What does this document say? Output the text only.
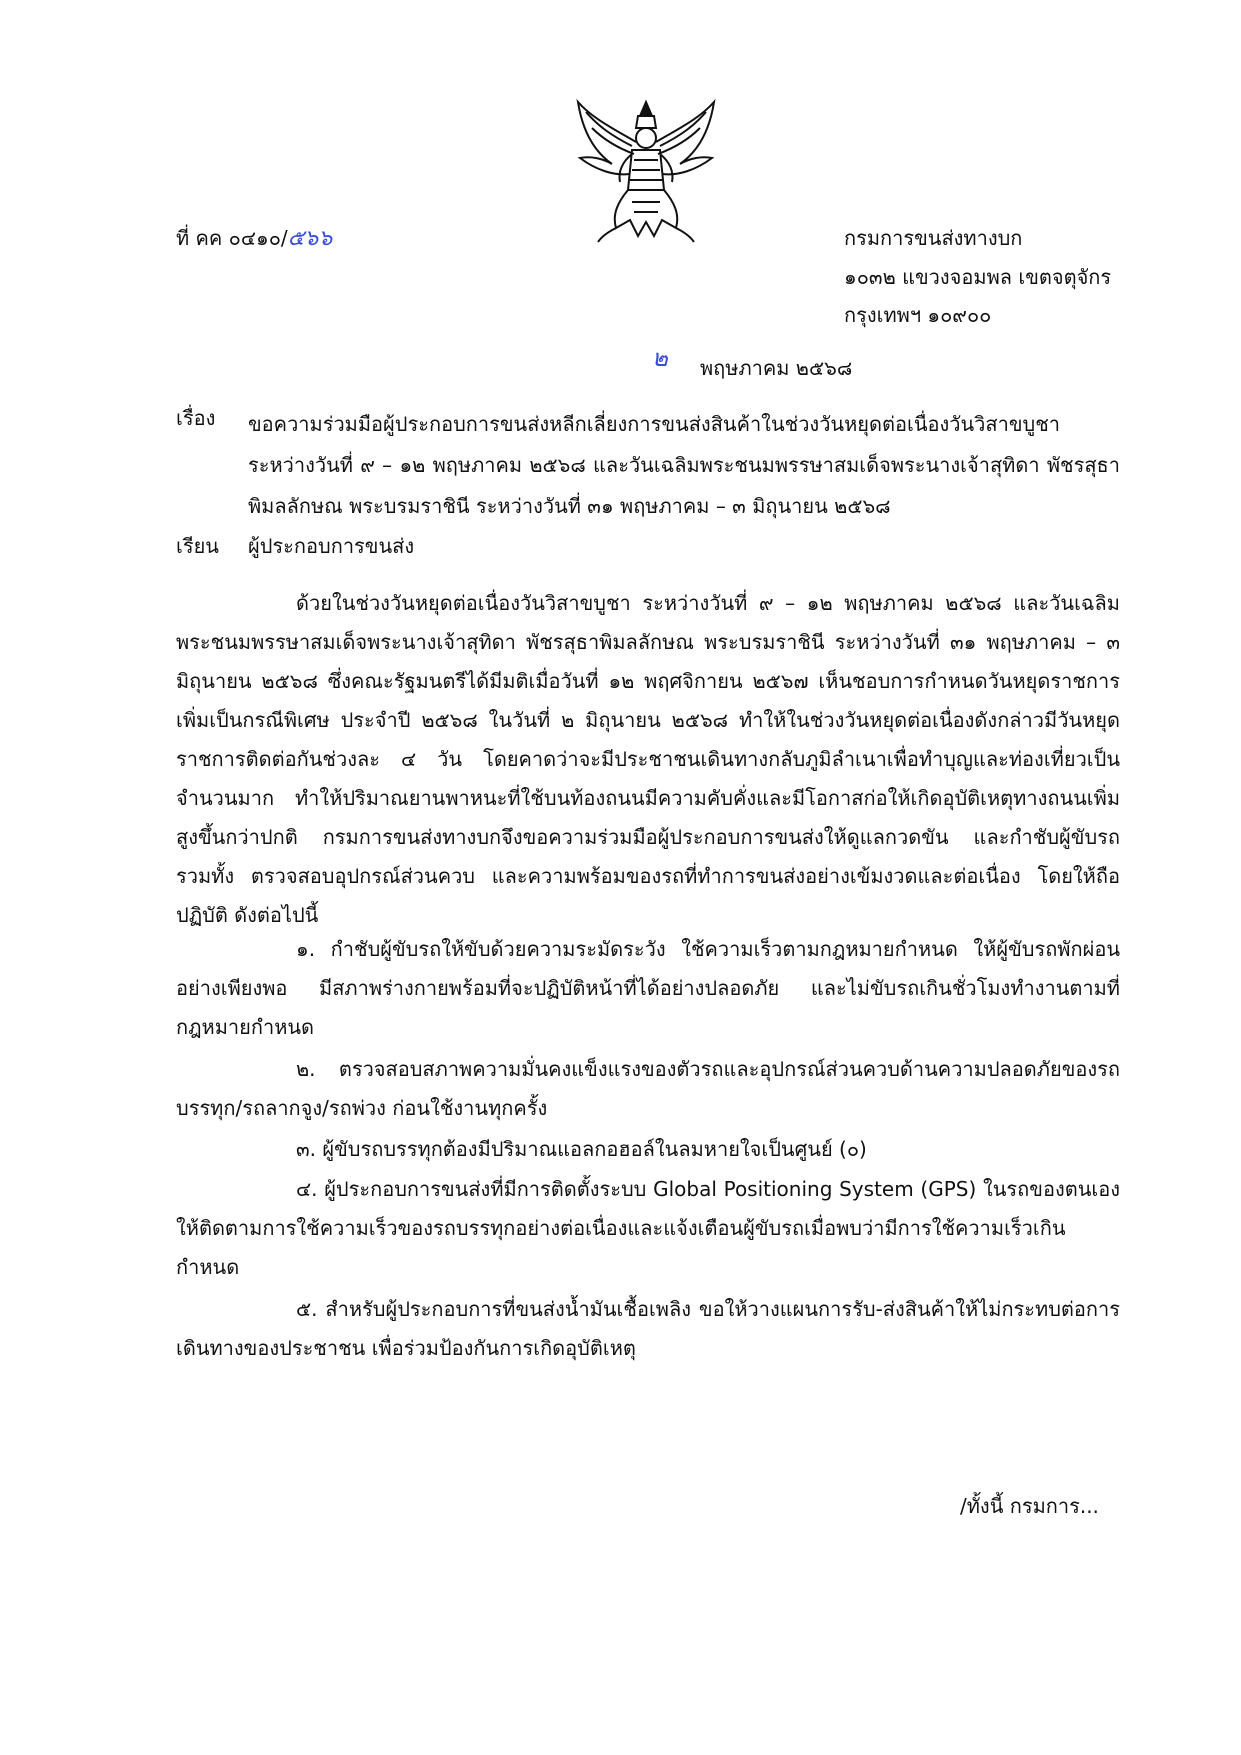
ที่ คค ๐๔๑๐/๕๖๖	กรมการขนส่งทางบก
๑๐๓๒ แขวงจอมพล เขตจตุจักร
กรุงเทพฯ ๑๐๙๐๐
๒ พฤษภาคม ๒๕๖๘
เรื่อง ขอความร่วมมือผู้ประกอบการขนส่งหลีกเลี่ยงการขนส่งสินค้าในช่วงวันหยุดต่อเนื่องวันวิสาขบูชา ระหว่างวันที่ ๙ – ๑๒ พฤษภาคม ๒๕๖๘ และวันเฉลิมพระชนมพรรษาสมเด็จพระนางเจ้าสุทิดา พัชรสุธาพิมลลักษณ พระบรมราชินี ระหว่างวันที่ ๓๑ พฤษภาคม – ๓ มิถุนายน ๒๕๖๘
เรียน ผู้ประกอบการขนส่ง
ด้วยในช่วงวันหยุดต่อเนื่องวันวิสาขบูชา ระหว่างวันที่ ๙ – ๑๒ พฤษภาคม ๒๕๖๘ และวันเฉลิมพระชนมพรรษาสมเด็จพระนางเจ้าสุทิดา พัชรสุธาพิมลลักษณ พระบรมราชินี ระหว่างวันที่ ๓๑ พฤษภาคม – ๓ มิถุนายน ๒๕๖๘ ซึ่งคณะรัฐมนตรีได้มีมติเมื่อวันที่ ๑๒ พฤศจิกายน ๒๕๖๗ เห็นชอบการกำหนดวันหยุดราชการเพิ่มเป็นกรณีพิเศษ ประจำปี ๒๕๖๘ ในวันที่ ๒ มิถุนายน ๒๕๖๘ ทำให้ในช่วงวันหยุดต่อเนื่องดังกล่าวมีวันหยุดราชการติดต่อกันช่วงละ ๔ วัน โดยคาดว่าจะมีประชาชนเดินทางกลับภูมิลำเนาเพื่อทำบุญและท่องเที่ยวเป็นจำนวนมาก ทำให้ปริมาณยานพาหนะที่ใช้บนท้องถนนมีความคับคั่งและมีโอกาสก่อให้เกิดอุบัติเหตุทางถนนเพิ่มสูงขึ้นกว่าปกติ กรมการขนส่งทางบกจึงขอความร่วมมือผู้ประกอบการขนส่งให้ดูแลกวดขัน และกำชับผู้ขับรถ รวมทั้ง ตรวจสอบอุปกรณ์ส่วนควบ และความพร้อมของรถที่ทำการขนส่งอย่างเข้มงวดและต่อเนื่อง โดยให้ถือปฏิบัติ ดังต่อไปนี้
๑. กำชับผู้ขับรถให้ขับด้วยความระมัดระวัง ใช้ความเร็วตามกฎหมายกำหนด ให้ผู้ขับรถพักผ่อนอย่างเพียงพอ มีสภาพร่างกายพร้อมที่จะปฏิบัติหน้าที่ได้อย่างปลอดภัย และไม่ขับรถเกินชั่วโมงทำงานตามที่กฎหมายกำหนด
๒. ตรวจสอบสภาพความมั่นคงแข็งแรงของตัวรถและอุปกรณ์ส่วนควบด้านความปลอดภัยของรถบรรทุก/รถลากจูง/รถพ่วง ก่อนใช้งานทุกครั้ง
๓. ผู้ขับรถบรรทุกต้องมีปริมาณแอลกอฮอล์ในลมหายใจเป็นศูนย์ (๐)
๔. ผู้ประกอบการขนส่งที่มีการติดตั้งระบบ Global Positioning System (GPS) ในรถของตนเอง ให้ติดตามการใช้ความเร็วของรถบรรทุกอย่างต่อเนื่องและแจ้งเตือนผู้ขับรถเมื่อพบว่ามีการใช้ความเร็วเกินกำหนด
๕. สำหรับผู้ประกอบการที่ขนส่งน้ำมันเชื้อเพลิง ขอให้วางแผนการรับ-ส่งสินค้าให้ไม่กระทบต่อการเดินทางของประชาชน เพื่อร่วมป้องกันการเกิดอุบัติเหตุ
/ทั้งนี้ กรมการ...
